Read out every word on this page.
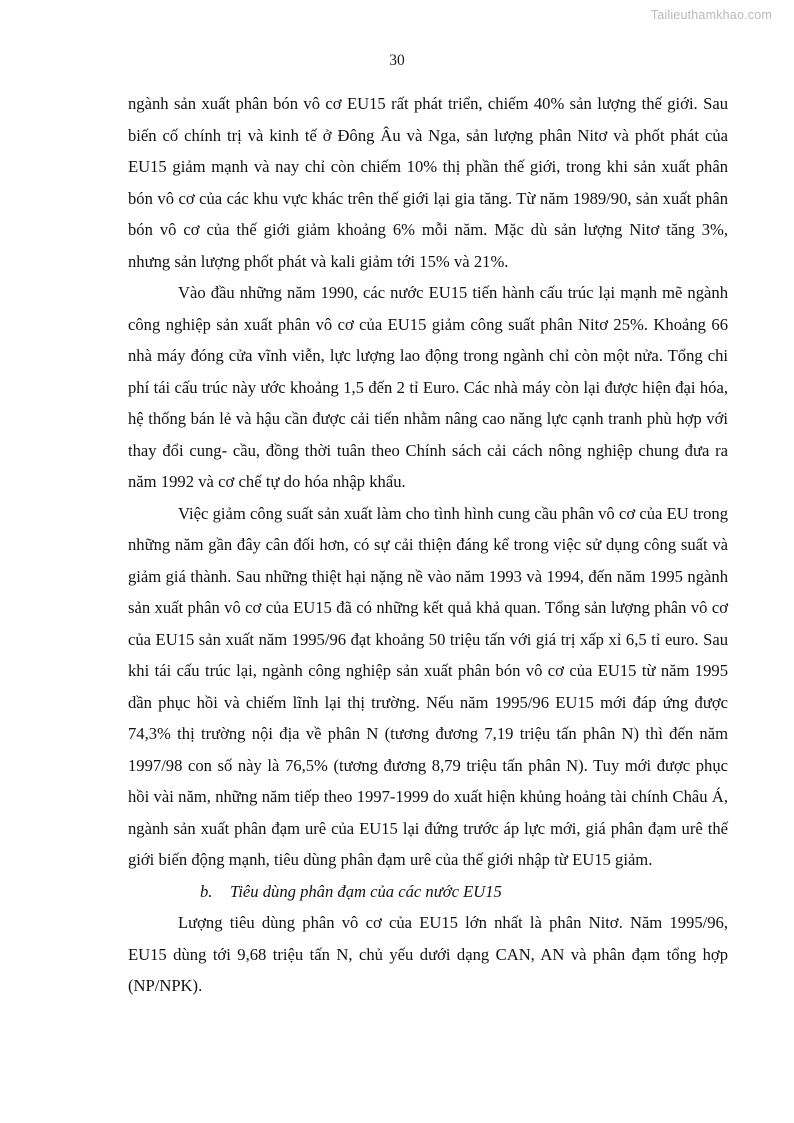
Tailieuthamkhao.com
30

ngành sản xuất phân bón vô cơ EU15 rất phát triển, chiếm 40% sản lượng thế giới. Sau biến cố chính trị và kinh tế ở Đông Âu và Nga, sản lượng phân Nitơ và phốt phát của EU15 giảm mạnh và nay chỉ còn chiếm 10% thị phần thế giới, trong khi sản xuất phân bón vô cơ của các khu vực khác trên thế giới lại gia tăng. Từ năm 1989/90, sản xuất phân bón vô cơ của thế giới giảm khoảng 6% mỗi năm. Mặc dù sản lượng Nitơ tăng 3%, nhưng sản lượng phốt phát và kali giảm tới 15% và 21%.

Vào đầu những năm 1990, các nước EU15 tiến hành cấu trúc lại mạnh mẽ ngành công nghiệp sản xuất phân vô cơ của EU15 giảm công suất phân Nitơ 25%. Khoảng 66 nhà máy đóng cửa vĩnh viễn, lực lượng lao động trong ngành chỉ còn một nửa. Tổng chi phí tái cấu trúc này ước khoảng 1,5 đến 2 tỉ Euro. Các nhà máy còn lại được hiện đại hóa, hệ thống bán lẻ và hậu cần được cải tiến nhằm nâng cao năng lực cạnh tranh phù hợp với thay đổi cung- cầu, đồng thời tuân theo Chính sách cải cách nông nghiệp chung đưa ra năm 1992 và cơ chế tự do hóa nhập khẩu.

Việc giảm công suất sản xuất làm cho tình hình cung cầu phân vô cơ của EU trong những năm gần đây cân đối hơn, có sự cải thiện đáng kể trong việc sử dụng công suất và giảm giá thành. Sau những thiệt hại nặng nề vào năm 1993 và 1994, đến năm 1995 ngành sản xuất phân vô cơ của EU15 đã có những kết quả khả quan. Tổng sản lượng phân vô cơ của EU15 sản xuất năm 1995/96 đạt khoảng 50 triệu tấn với giá trị xấp xỉ 6,5 tỉ euro. Sau khi tái cấu trúc lại, ngành công nghiệp sản xuất phân bón vô cơ của EU15 từ năm 1995 dần phục hồi và chiếm lĩnh lại thị trường. Nếu năm 1995/96 EU15 mới đáp ứng được 74,3% thị trường nội địa về phân N (tương đương 7,19 triệu tấn phân N) thì đến năm 1997/98 con số này là 76,5% (tương đương 8,79 triệu tấn phân N). Tuy mới được phục hồi vài năm, những năm tiếp theo 1997-1999 do xuất hiện khủng hoảng tài chính Châu Á, ngành sản xuất phân đạm urê của EU15 lại đứng trước áp lực mới, giá phân đạm urê thế giới biến động mạnh, tiêu dùng phân đạm urê của thế giới nhập từ EU15 giảm.

b. Tiêu dùng phân đạm của các nước EU15

Lượng tiêu dùng phân vô cơ của EU15 lớn nhất là phân Nitơ. Năm 1995/96, EU15 dùng tới 9,68 triệu tấn N, chủ yếu dưới dạng CAN, AN và phân đạm tổng hợp (NP/NPK).
